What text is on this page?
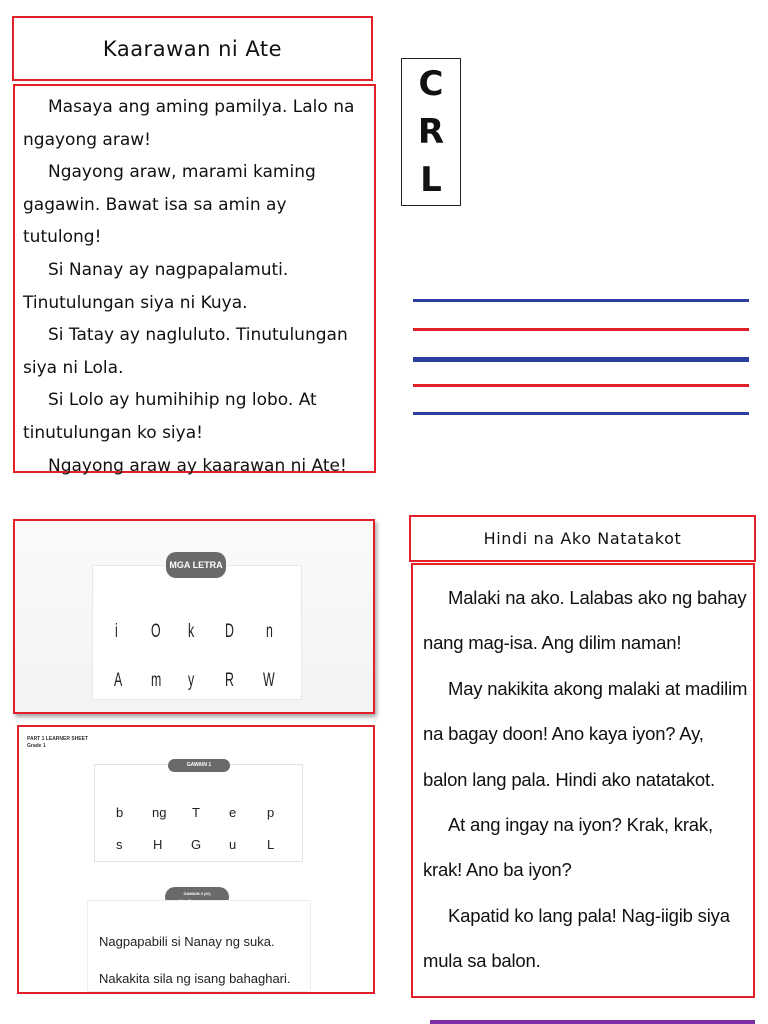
Kaarawan ni Ate
Masaya ang aming pamilya. Lalo na
ngayong araw!
Ngayong araw, marami kaming
gagawin. Bawat isa sa amin ay
tutulong!
Si Nanay ay nagpapalamuti.
Tinutulungan siya ni Kuya.
Si Tatay ay nagluluto. Tinutulungan
siya ni Lola.
Si Lolo ay humihihip ng lobo. At
tinutulungan ko siya!
Ngayong araw ay kaarawan ni Ate!
C
R
L
MGA LETRA
i O k D n
A m y R W
PART 1 LEARNER SHEET
Grade 1
GAWAIN 1
b ng T e p
s H G u L
GAWAIN 2 (IV)
Nagpapabili si Nanay ng suka.
Nakakita sila ng isang bahaghari.
Hindi na Ako Natatakot
Malaki na ako. Lalabas ako ng bahay
nang mag-isa. Ang dilim naman!
May nakikita akong malaki at madilim
na bagay doon! Ano kaya iyon? Ay,
balon lang pala. Hindi ako natatakot.
At ang ingay na iyon? Krak, krak,
krak! Ano ba iyon?
Kapatid ko lang pala! Nag-iigib siya
mula sa balon.
